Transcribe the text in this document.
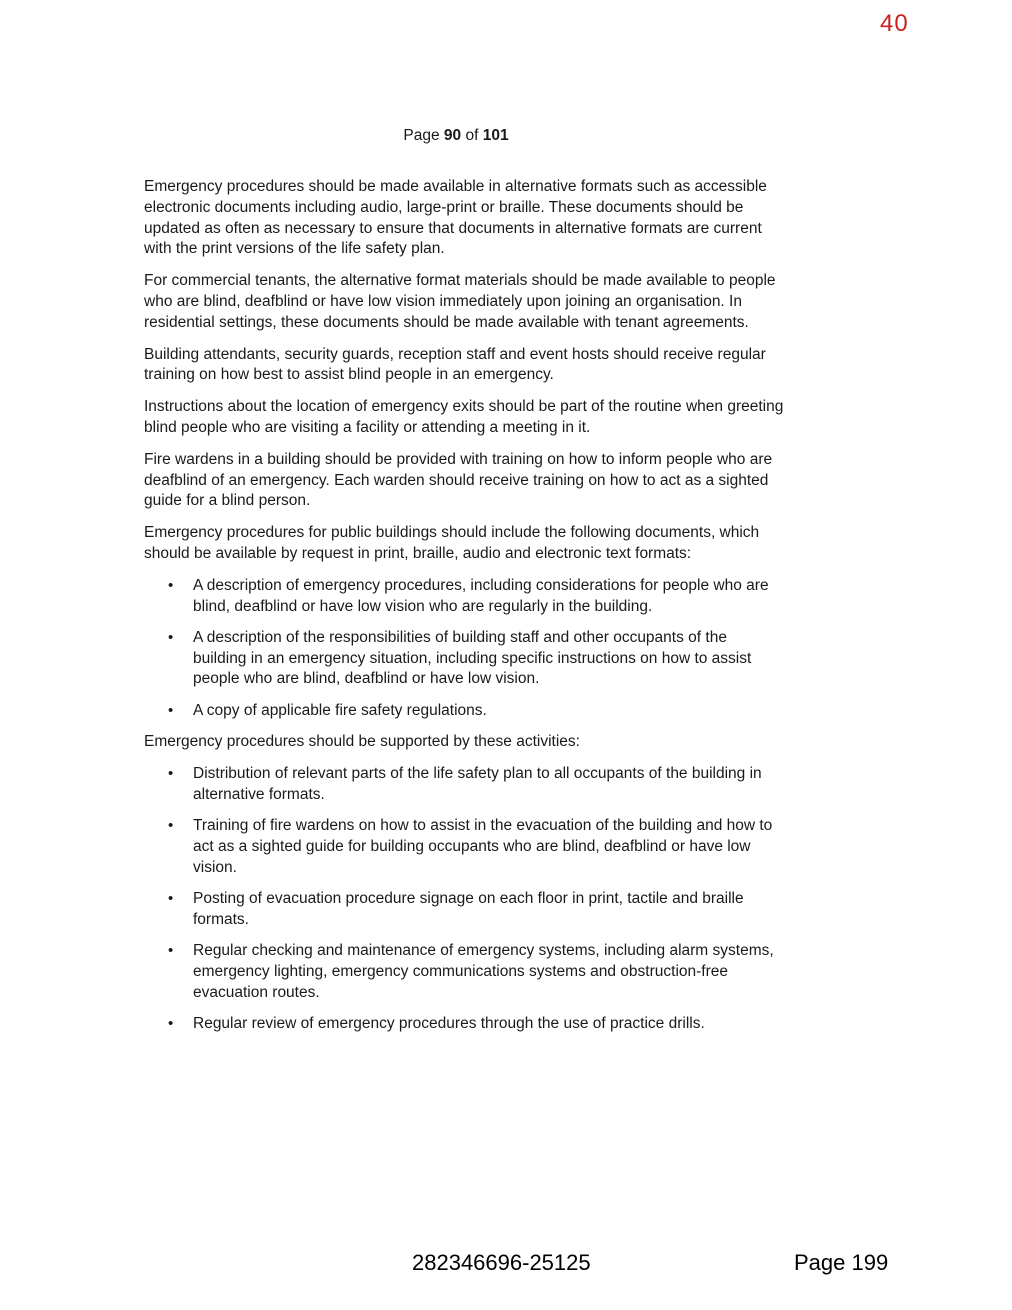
40
Page 90 of 101

Emergency procedures should be made available in alternative formats such as accessible electronic documents including audio, large-print or braille. These documents should be updated as often as necessary to ensure that documents in alternative formats are current with the print versions of the life safety plan.

For commercial tenants, the alternative format materials should be made available to people who are blind, deafblind or have low vision immediately upon joining an organisation. In residential settings, these documents should be made available with tenant agreements.

Building attendants, security guards, reception staff and event hosts should receive regular training on how best to assist blind people in an emergency.

Instructions about the location of emergency exits should be part of the routine when greeting blind people who are visiting a facility or attending a meeting in it.

Fire wardens in a building should be provided with training on how to inform people who are deafblind of an emergency. Each warden should receive training on how to act as a sighted guide for a blind person.

Emergency procedures for public buildings should include the following documents, which should be available by request in print, braille, audio and electronic text formats:

• A description of emergency procedures, including considerations for people who are blind, deafblind or have low vision who are regularly in the building.
• A description of the responsibilities of building staff and other occupants of the building in an emergency situation, including specific instructions on how to assist people who are blind, deafblind or have low vision.
• A copy of applicable fire safety regulations.

Emergency procedures should be supported by these activities:

• Distribution of relevant parts of the life safety plan to all occupants of the building in alternative formats.
• Training of fire wardens on how to assist in the evacuation of the building and how to act as a sighted guide for building occupants who are blind, deafblind or have low vision.
• Posting of evacuation procedure signage on each floor in print, tactile and braille formats.
• Regular checking and maintenance of emergency systems, including alarm systems, emergency lighting, emergency communications systems and obstruction-free evacuation routes.
• Regular review of emergency procedures through the use of practice drills.
282346696-25125	Page 199
